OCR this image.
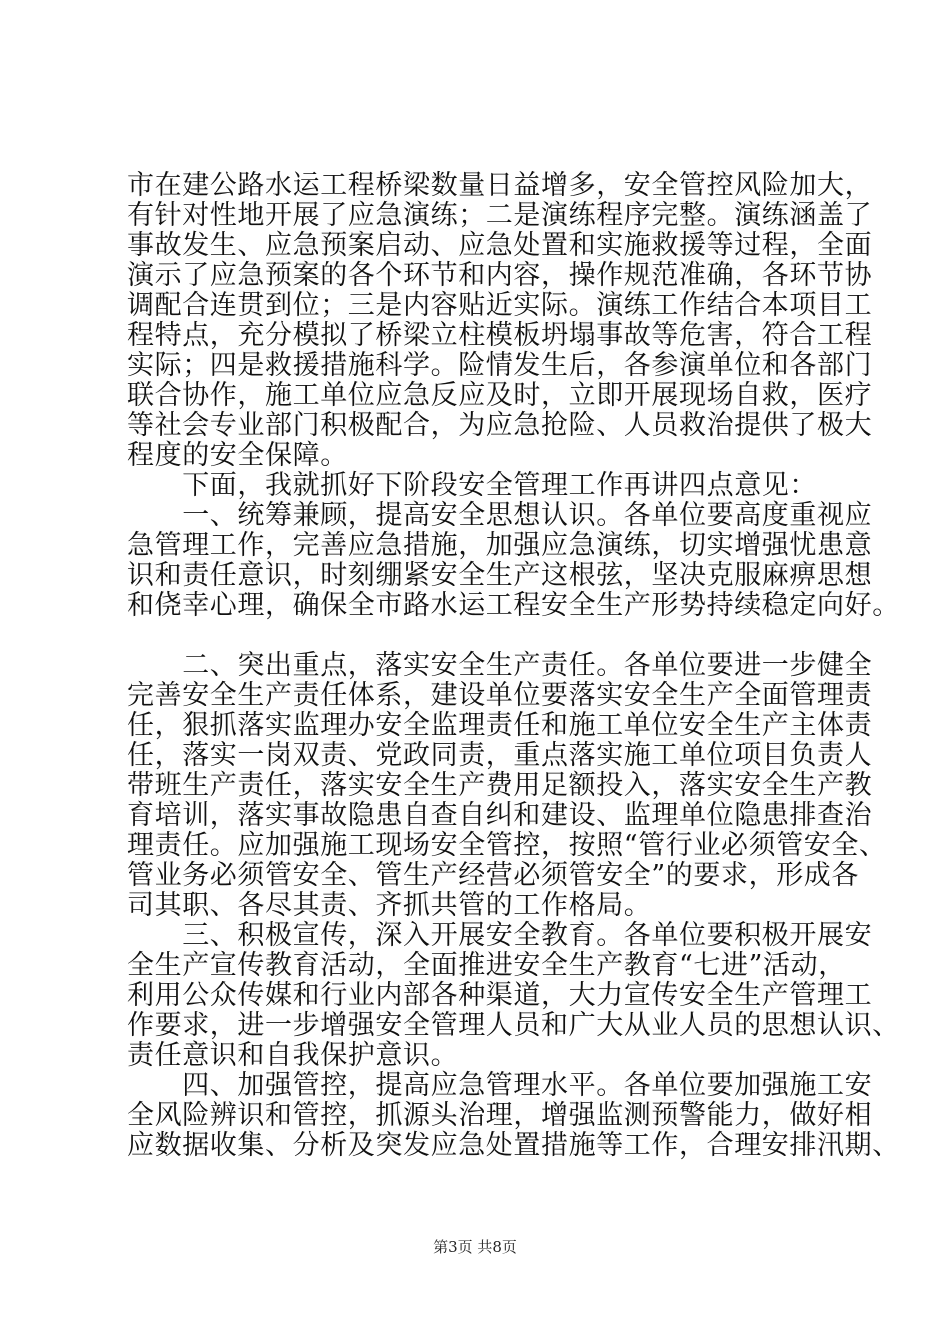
市在建公路水运工程桥梁数量日益增多，安全管控风险加大，
有针对性地开展了应急演练；二是演练程序完整。演练涵盖了
事故发生、应急预案启动、应急处置和实施救援等过程，全面
演示了应急预案的各个环节和内容，操作规范准确，各环节协
调配合连贯到位；三是内容贴近实际。演练工作结合本项目工
程特点，充分模拟了桥梁立柱模板坍塌事故等危害，符合工程
实际；四是救援措施科学。险情发生后，各参演单位和各部门
联合协作，施工单位应急反应及时，立即开展现场自救，医疗
等社会专业部门积极配合，为应急抢险、人员救治提供了极大
程度的安全保障。
　　下面，我就抓好下阶段安全管理工作再讲四点意见：
　　一、统筹兼顾，提高安全思想认识。各单位要高度重视应
急管理工作，完善应急措施，加强应急演练，切实增强忧患意
识和责任意识，时刻绷紧安全生产这根弦，坚决克服麻痹思想
和侥幸心理，确保全市路水运工程安全生产形势持续稳定向好。
　　二、突出重点，落实安全生产责任。各单位要进一步健全
完善安全生产责任体系，建设单位要落实安全生产全面管理责
任，狠抓落实监理办安全监理责任和施工单位安全生产主体责
任，落实一岗双责、党政同责，重点落实施工单位项目负责人
带班生产责任，落实安全生产费用足额投入，落实安全生产教
育培训，落实事故隐患自查自纠和建设、监理单位隐患排查治
理责任。应加强施工现场安全管控，按照“管行业必须管安全、
管业务必须管安全、管生产经营必须管安全”的要求，形成各
司其职、各尽其责、齐抓共管的工作格局。
　　三、积极宣传，深入开展安全教育。各单位要积极开展安
全生产宣传教育活动，全面推进安全生产教育“七进”活动，
利用公众传媒和行业内部各种渠道，大力宣传安全生产管理工
作要求，进一步增强安全管理人员和广大从业人员的思想认识、
责任意识和自我保护意识。
　　四、加强管控，提高应急管理水平。各单位要加强施工安
全风险辨识和管控，抓源头治理，增强监测预警能力，做好相
应数据收集、分析及突发应急处置措施等工作，合理安排汛期、
第3页 共8页
